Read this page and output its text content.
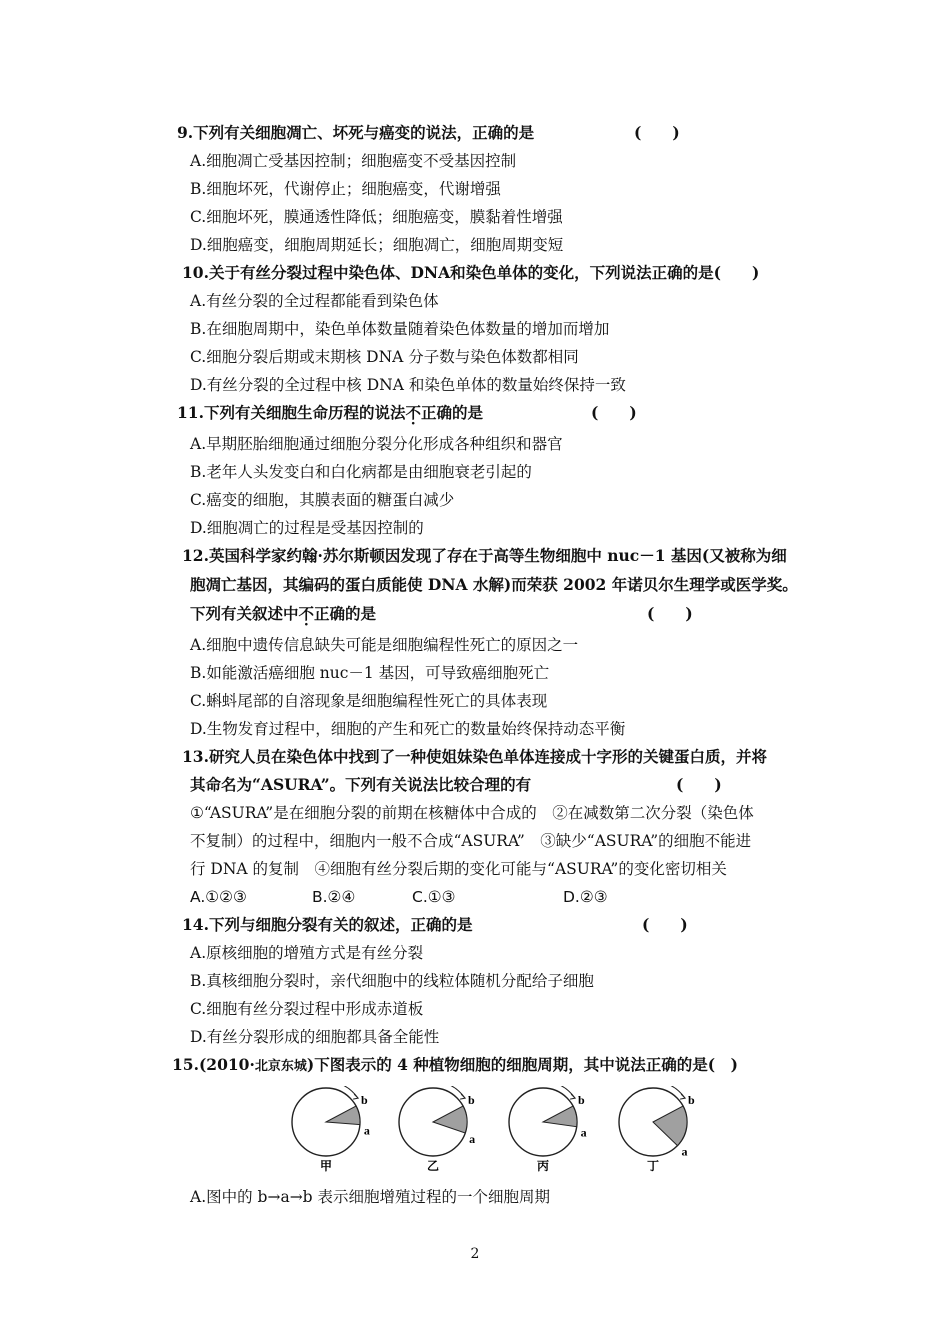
9.下列有关细胞凋亡、坏死与癌变的说法，正确的是	(　　)
A.细胞凋亡受基因控制；细胞癌变不受基因控制
B.细胞坏死，代谢停止；细胞癌变，代谢增强
C.细胞坏死，膜通透性降低；细胞癌变，膜黏着性增强
D.细胞癌变，细胞周期延长；细胞凋亡，细胞周期变短
10.关于有丝分裂过程中染色体、DNA和染色单体的变化，下列说法正确的是(　　)
A.有丝分裂的全过程都能看到染色体
B.在细胞周期中，染色单体数量随着染色体数量的增加而增加
C.细胞分裂后期或末期核 DNA 分子数与染色体数都相同
D.有丝分裂的全过程中核 DNA 和染色单体的数量始终保持一致
11.下列有关细胞生命历程的说法不正确的是	(　　)
A.早期胚胎细胞通过细胞分裂分化形成各种组织和器官
B.老年人头发变白和白化病都是由细胞衰老引起的
C.癌变的细胞，其膜表面的糖蛋白减少
D.细胞凋亡的过程是受基因控制的
12.英国科学家约翰·苏尔斯顿因发现了存在于高等生物细胞中 nuc－1 基因(又被称为细
胞凋亡基因，其编码的蛋白质能使 DNA 水解)而荣获 2002 年诺贝尔生理学或医学奖。
下列有关叙述中不正确的是	(　　)
A.细胞中遗传信息缺失可能是细胞编程性死亡的原因之一
B.如能激活癌细胞 nuc－1 基因，可导致癌细胞死亡
C.蝌蚪尾部的自溶现象是细胞编程性死亡的具体表现
D.生物发育过程中，细胞的产生和死亡的数量始终保持动态平衡
13.研究人员在染色体中找到了一种使姐妹染色单体连接成十字形的关键蛋白质，并将
其命名为“ASURA”。下列有关说法比较合理的有	(　　)
①“ASURA”是在细胞分裂的前期在核糖体中合成的　②在减数第二次分裂（染色体
不复制）的过程中，细胞内一般不合成“ASURA”　③缺少“ASURA”的细胞不能进
行 DNA 的复制　④细胞有丝分裂后期的变化可能与“ASURA”的变化密切相关
A.①②③	B.②④	C.①③	D.②③
14.下列与细胞分裂有关的叙述，正确的是	(　　)
A.原核细胞的增殖方式是有丝分裂
B.真核细胞分裂时，亲代细胞中的线粒体随机分配给子细胞
C.细胞有丝分裂过程中形成赤道板
D.有丝分裂形成的细胞都具备全能性
15.(2010·北京东城)下图表示的 4 种植物细胞的细胞周期，其中说法正确的是(　)
b
a
甲
b
a
乙
b
a
丙
b
a
丁
A.图中的 b→a→b 表示细胞增殖过程的一个细胞周期
2
